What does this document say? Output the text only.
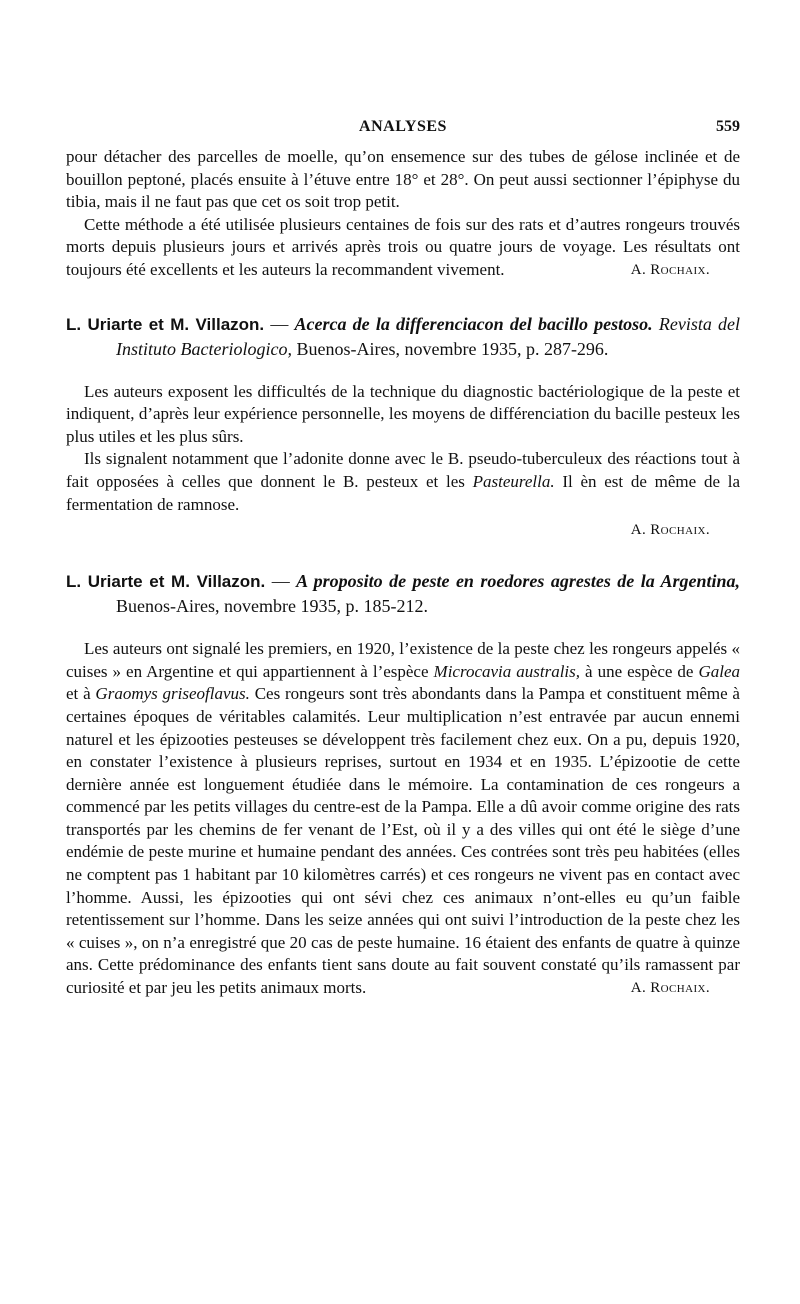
ANALYSES	559

pour détacher des parcelles de moelle, qu’on ensemence sur des tubes de gélose inclinée et de bouillon peptoné, placés ensuite à l’étuve entre 18° et 28°. On peut aussi sectionner l’épiphyse du tibia, mais il ne faut pas que cet os soit trop petit.

Cette méthode a été utilisée plusieurs centaines de fois sur des rats et d’autres rongeurs trouvés morts depuis plusieurs jours et arrivés après trois ou quatre jours de voyage. Les résultats ont toujours été excellents et les auteurs la recommandent vivement.	A. Rochaix.

L. Uriarte et M. Villazon. — Acerca de la differenciacon del bacillo pestoso. Revista del Instituto Bacteriologico, Buenos-Aires, novembre 1935, p. 287-296.

Les auteurs exposent les difficultés de la technique du diagnostic bactériologique de la peste et indiquent, d’après leur expérience personnelle, les moyens de différenciation du bacille pesteux les plus utiles et les plus sûrs.

Ils signalent notamment que l’adonite donne avec le B. pseudo-tuberculeux des réactions tout à fait opposées à celles que donnent le B. pesteux et les Pasteurella. Il èn est de même de la fermentation de ramnose.

A. Rochaix.
L. Uriarte et M. Villazon. — A proposito de peste en roedores agrestes de la Argentina, Buenos-Aires, novembre 1935, p. 185-212.

Les auteurs ont signalé les premiers, en 1920, l’existence de la peste chez les rongeurs appelés « cuises » en Argentine et qui appartiennent à l’espèce Microcavia australis, à une espèce de Galea et à Graomys griseoflavus. Ces rongeurs sont très abondants dans la Pampa et constituent même à certaines époques de véritables calamités. Leur multiplication n’est entravée par aucun ennemi naturel et les épizooties pesteuses se développent très facilement chez eux. On a pu, depuis 1920, en constater l’existence à plusieurs reprises, surtout en 1934 et en 1935. L’épizootie de cette dernière année est longuement étudiée dans le mémoire. La contamination de ces rongeurs a commencé par les petits villages du centre-est de la Pampa. Elle a dû avoir comme origine des rats transportés par les chemins de fer venant de l’Est, où il y a des villes qui ont été le siège d’une endémie de peste murine et humaine pendant des années. Ces contrées sont très peu habitées (elles ne comptent pas 1 habitant par 10 kilomètres carrés) et ces rongeurs ne vivent pas en contact avec l’homme. Aussi, les épizooties qui ont sévi chez ces animaux n’ont-elles eu qu’un faible retentissement sur l’homme. Dans les seize années qui ont suivi l’introduction de la peste chez les « cuises », on n’a enregistré que 20 cas de peste humaine. 16 étaient des enfants de quatre à quinze ans. Cette prédominance des enfants tient sans doute au fait souvent constaté qu’ils ramassent par curiosité et par jeu les petits animaux morts.	A. Rochaix.
